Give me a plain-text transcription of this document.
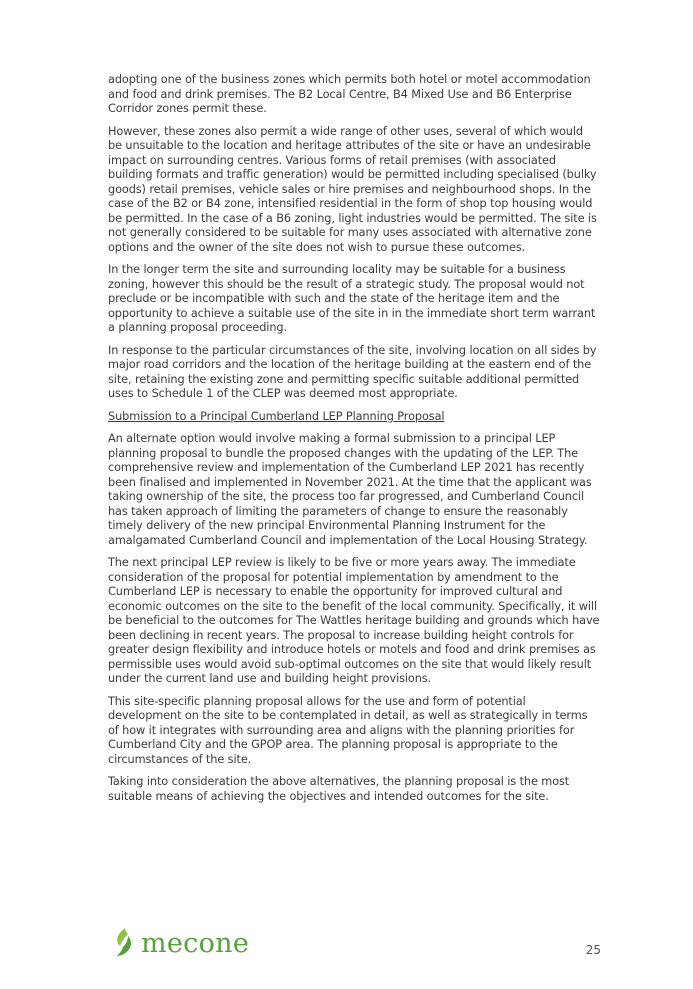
adopting one of the business zones which permits both hotel or motel accommodation and food and drink premises. The B2 Local Centre, B4 Mixed Use and B6 Enterprise Corridor zones permit these.

However, these zones also permit a wide range of other uses, several of which would be unsuitable to the location and heritage attributes of the site or have an undesirable impact on surrounding centres. Various forms of retail premises (with associated building formats and traffic generation) would be permitted including specialised (bulky goods) retail premises, vehicle sales or hire premises and neighbourhood shops. In the case of the B2 or B4 zone, intensified residential in the form of shop top housing would be permitted. In the case of a B6 zoning, light industries would be permitted. The site is not generally considered to be suitable for many uses associated with alternative zone options and the owner of the site does not wish to pursue these outcomes.

In the longer term the site and surrounding locality may be suitable for a business zoning, however this should be the result of a strategic study. The proposal would not preclude or be incompatible with such and the state of the heritage item and the opportunity to achieve a suitable use of the site in in the immediate short term warrant a planning proposal proceeding.

In response to the particular circumstances of the site, involving location on all sides by major road corridors and the location of the heritage building at the eastern end of the site, retaining the existing zone and permitting specific suitable additional permitted uses to Schedule 1 of the CLEP was deemed most appropriate.

Submission to a Principal Cumberland LEP Planning Proposal

An alternate option would involve making a formal submission to a principal LEP planning proposal to bundle the proposed changes with the updating of the LEP. The comprehensive review and implementation of the Cumberland LEP 2021 has recently been finalised and implemented in November 2021. At the time that the applicant was taking ownership of the site, the process too far progressed, and Cumberland Council has taken approach of limiting the parameters of change to ensure the reasonably timely delivery of the new principal Environmental Planning Instrument for the amalgamated Cumberland Council and implementation of the Local Housing Strategy.

The next principal LEP review is likely to be five or more years away. The immediate consideration of the proposal for potential implementation by amendment to the Cumberland LEP is necessary to enable the opportunity for improved cultural and economic outcomes on the site to the benefit of the local community. Specifically, it will be beneficial to the outcomes for The Wattles heritage building and grounds which have been declining in recent years. The proposal to increase building height controls for greater design flexibility and introduce hotels or motels and food and drink premises as permissible uses would avoid sub-optimal outcomes on the site that would likely result under the current land use and building height provisions.

This site-specific planning proposal allows for the use and form of potential development on the site to be contemplated in detail, as well as strategically in terms of how it integrates with surrounding area and aligns with the planning priorities for Cumberland City and the GPOP area. The planning proposal is appropriate to the circumstances of the site.

Taking into consideration the above alternatives, the planning proposal is the most suitable means of achieving the objectives and intended outcomes for the site.

mecone	25
